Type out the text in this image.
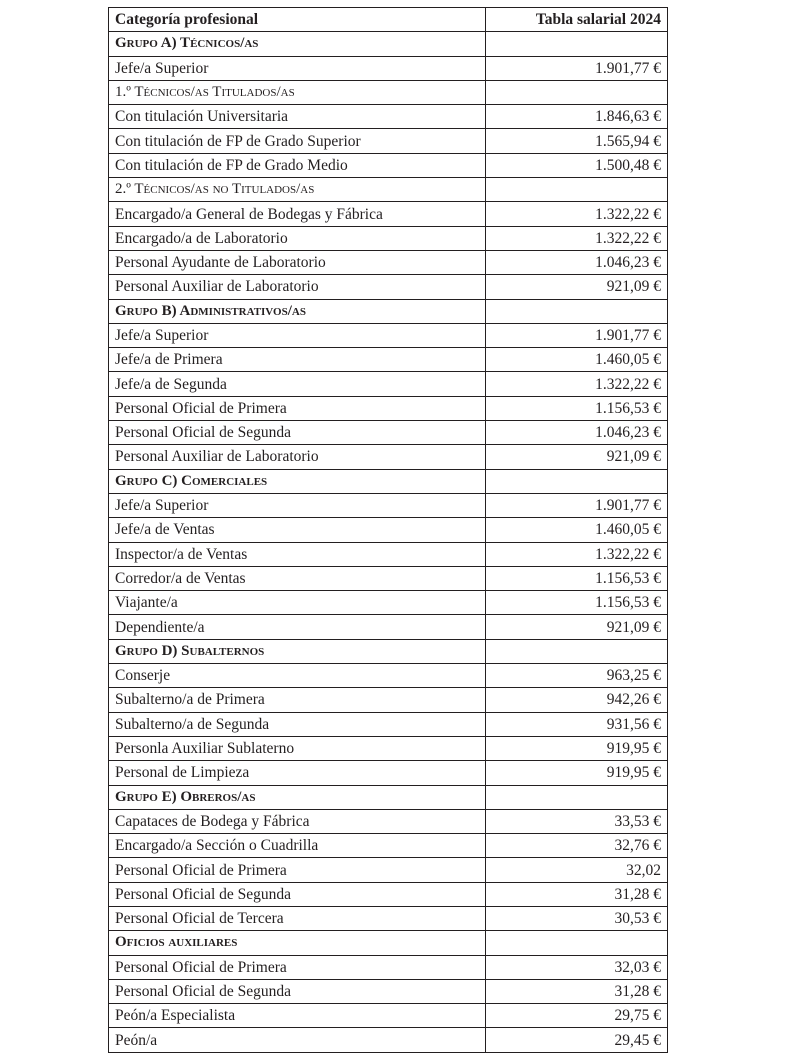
Categoría profesional	Tabla salarial 2024
Grupo A) Técnicos/as	
Jefe/a Superior	1.901,77 €
1.º Técnicos/as Titulados/as	
Con titulación Universitaria	1.846,63 €
Con titulación de FP de Grado Superior	1.565,94 €
Con titulación de FP de Grado Medio	1.500,48 €
2.º Técnicos/as no Titulados/as	
Encargado/a General de Bodegas y Fábrica	1.322,22 €
Encargado/a de Laboratorio	1.322,22 €
Personal Ayudante de Laboratorio	1.046,23 €
Personal Auxiliar de Laboratorio	921,09 €
Grupo B) Administrativos/as	
Jefe/a Superior	1.901,77 €
Jefe/a de Primera	1.460,05 €
Jefe/a de Segunda	1.322,22 €
Personal Oficial de Primera	1.156,53 €
Personal Oficial de Segunda	1.046,23 €
Personal Auxiliar de Laboratorio	921,09 €
Grupo C) Comerciales	
Jefe/a Superior	1.901,77 €
Jefe/a de Ventas	1.460,05 €
Inspector/a de Ventas	1.322,22 €
Corredor/a de Ventas	1.156,53 €
Viajante/a	1.156,53 €
Dependiente/a	921,09 €
Grupo D) Subalternos	
Conserje	963,25 €
Subalterno/a de Primera	942,26 €
Subalterno/a de Segunda	931,56 €
Personla Auxiliar Sublaterno	919,95 €
Personal de Limpieza	919,95 €
Grupo E) Obreros/as	
Capataces de Bodega y Fábrica	33,53 €
Encargado/a Sección o Cuadrilla	32,76 €
Personal Oficial de Primera	32,02
Personal Oficial de Segunda	31,28 €
Personal Oficial de Tercera	30,53 €
Oficios auxiliares	
Personal Oficial de Primera	32,03 €
Personal Oficial de Segunda	31,28 €
Peón/a Especialista	29,75 €
Peón/a	29,45 €
